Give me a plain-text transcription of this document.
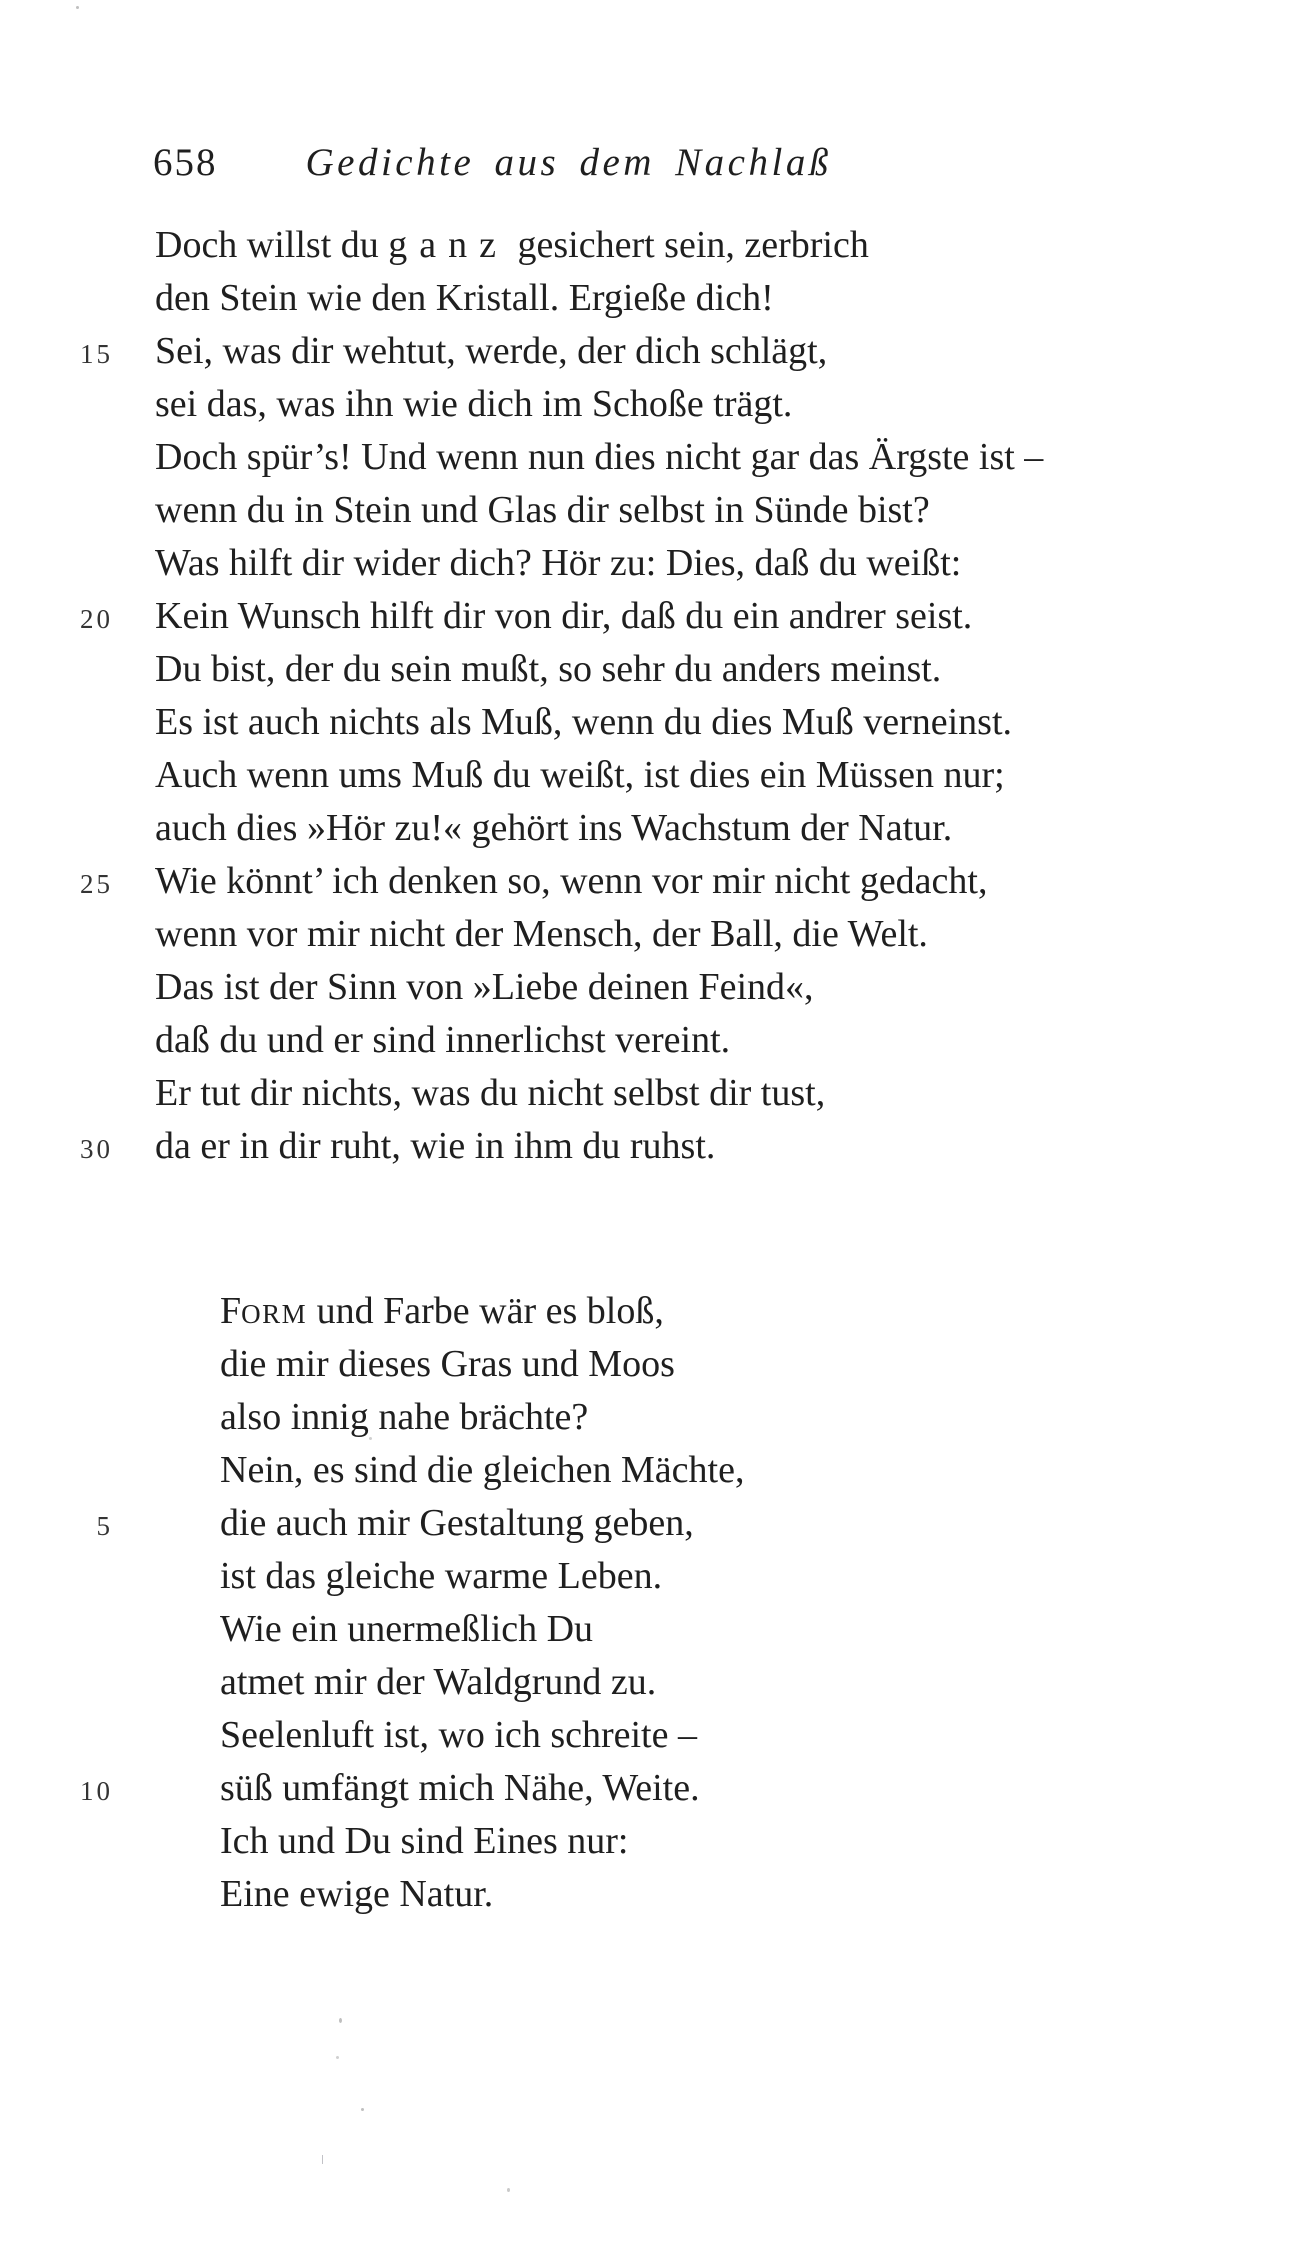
658 Gedichte aus dem Nachlaß
Doch willst du ganz gesichert sein, zerbrich
den Stein wie den Kristall. Ergieße dich!
15 Sei, was dir wehtut, werde, der dich schlägt,
sei das, was ihn wie dich im Schoße trägt.
Doch spür’s! Und wenn nun dies nicht gar das Ärgste ist –
wenn du in Stein und Glas dir selbst in Sünde bist?
Was hilft dir wider dich? Hör zu: Dies, daß du weißt:
20 Kein Wunsch hilft dir von dir, daß du ein andrer seist.
Du bist, der du sein mußt, so sehr du anders meinst.
Es ist auch nichts als Muß, wenn du dies Muß verneinst.
Auch wenn ums Muß du weißt, ist dies ein Müssen nur;
auch dies »Hör zu!« gehört ins Wachstum der Natur.
25 Wie könnt’ ich denken so, wenn vor mir nicht gedacht,
wenn vor mir nicht der Mensch, der Ball, die Welt.
Das ist der Sinn von »Liebe deinen Feind«,
daß du und er sind innerlichst vereint.
Er tut dir nichts, was du nicht selbst dir tust,
30 da er in dir ruht, wie in ihm du ruhst.
Form und Farbe wär es bloß,
die mir dieses Gras und Moos
also innig nahe brächte?
Nein, es sind die gleichen Mächte,
5	die auch mir Gestaltung geben,
ist das gleiche warme Leben.
Wie ein unermeßlich Du
atmet mir der Waldgrund zu.
Seelenluft ist, wo ich schreite –
10	süß umfängt mich Nähe, Weite.
Ich und Du sind Eines nur:
Eine ewige Natur.
